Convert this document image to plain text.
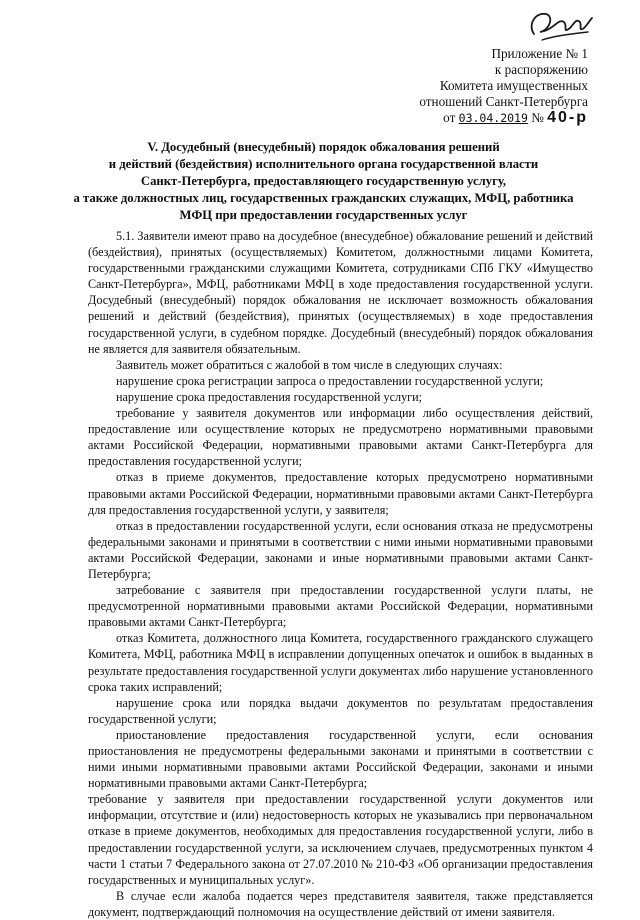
Приложение № 1
к распоряжению
Комитета имущественных
отношений Санкт-Петербурга
от 03.04.2019 № 40-р
V. Досудебный (внесудебный) порядок обжалования решений
и действий (бездействия) исполнительного органа государственной власти
Санкт-Петербурга, предоставляющего государственную услугу,
а также должностных лиц, государственных гражданских служащих, МФЦ, работника
МФЦ при предоставлении государственных услуг

5.1. Заявители имеют право на досудебное (внесудебное) обжалование решений и действий (бездействия), принятых (осуществляемых) Комитетом, должностными лицами Комитета, государственными гражданскими служащими Комитета, сотрудниками СПб ГКУ «Имущество Санкт-Петербурга», МФЦ, работниками МФЦ в ходе предоставления государственной услуги. Досудебный (внесудебный) порядок обжалования не исключает возможность обжалования решений и действий (бездействия), принятых (осуществляемых) в ходе предоставления государственной услуги, в судебном порядке. Досудебный (внесудебный) порядок обжалования не является для заявителя обязательным.

Заявитель может обратиться с жалобой в том числе в следующих случаях:

нарушение срока регистрации запроса о предоставлении государственной услуги;

нарушение срока предоставления государственной услуги;

требование у заявителя документов или информации либо осуществления действий, предоставление или осуществление которых не предусмотрено нормативными правовыми актами Российской Федерации, нормативными правовыми актами Санкт-Петербурга для предоставления государственной услуги;

отказ в приеме документов, предоставление которых предусмотрено нормативными правовыми актами Российской Федерации, нормативными правовыми актами Санкт-Петербурга для предоставления государственной услуги, у заявителя;

отказ в предоставлении государственной услуги, если основания отказа не предусмотрены федеральными законами и принятыми в соответствии с ними иными нормативными правовыми актами Российской Федерации, законами и иные нормативными правовыми актами Санкт-Петербурга;

затребование с заявителя при предоставлении государственной услуги платы, не предусмотренной нормативными правовыми актами Российской Федерации, нормативными правовыми актами Санкт-Петербурга;

отказ Комитета, должностного лица Комитета, государственного гражданского служащего Комитета, МФЦ, работника МФЦ в исправлении допущенных опечаток и ошибок в выданных в результате предоставления государственной услуги документах либо нарушение установленного срока таких исправлений;

нарушение срока или порядка выдачи документов по результатам предоставления государственной услуги;

приостановление предоставления государственной услуги, если основания приостановления не предусмотрены федеральными законами и принятыми в соответствии с ними иными нормативными правовыми актами Российской Федерации, законами и иными нормативными правовыми актами Санкт-Петербурга;

требование у заявителя при предоставлении государственной услуги документов или информации, отсутствие и (или) недостоверность которых не указывались при первоначальном отказе в приеме документов, необходимых для предоставления государственной услуги, либо в предоставлении государственной услуги, за исключением случаев, предусмотренных пунктом 4 части 1 статьи 7 Федерального закона от 27.07.2010 № 210-ФЗ «Об организации предоставления государственных и муниципальных услуг».

В случае если жалоба подается через представителя заявителя, также представляется документ, подтверждающий полномочия на осуществление действий от имени заявителя.
